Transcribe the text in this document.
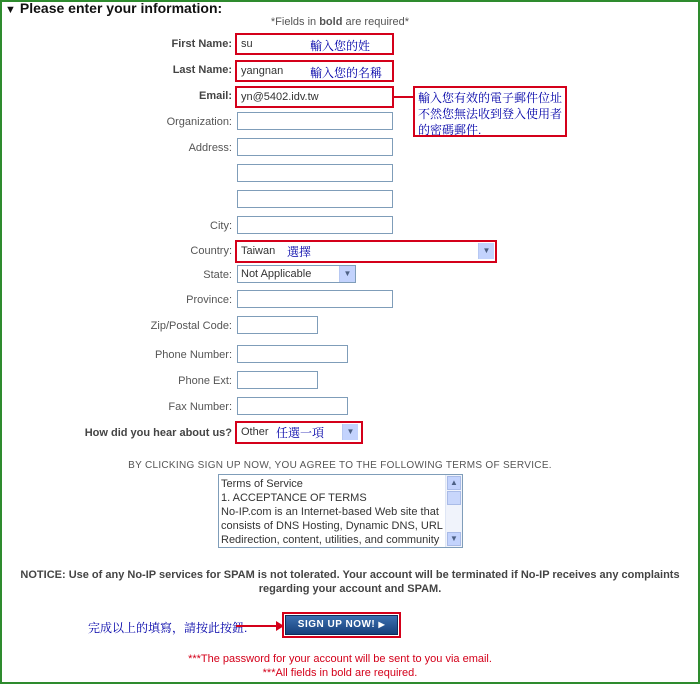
▼ Please enter your information:
*Fields in bold are required*
First Name: su	輸入您的姓
Last Name: yangnan	輸入您的名稱
Email: yn@5402.idv.tw	輸入您有效的電子郵件位址不然您無法收到登入使用者的密碼郵件.
Organization:
Address:
City:
Country: Taiwan 選擇	▼
State: Not Applicable	▼
Province:
Zip/Postal Code:
Phone Number:
Phone Ext:
Fax Number:
How did you hear about us? Other 任選一項	▼
BY CLICKING SIGN UP NOW, YOU AGREE TO THE FOLLOWING TERMS OF SERVICE.
Terms of Service
1. ACCEPTANCE OF TERMS
No-IP.com is an Internet-based Web site that
consists of DNS Hosting, Dynamic DNS, URL
Redirection, content, utilities, and community
▲
▼
NOTICE: Use of any No-IP services for SPAM is not tolerated. Your account will be terminated if No-IP receives any complaints regarding your account and SPAM.
完成以上的填寫，請按此按鈕.	SIGN UP NOW! ▶
***The password for your account will be sent to you via email.
***All fields in bold are required.
